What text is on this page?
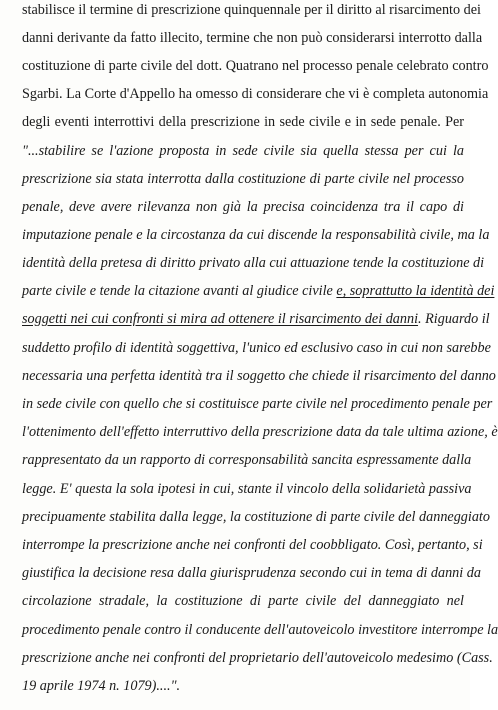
stabilisce il termine di prescrizione quinquennale per il diritto al risarcimento dei
danni derivante da fatto illecito, termine che non può considerarsi interrotto dalla
costituzione di parte civile del dott. Quatrano nel processo penale celebrato contro
Sgarbi. La Corte d'Appello ha omesso di considerare che vi è completa autonomia
degli eventi interrottivi della prescrizione in sede civile e in sede penale. Per
"...stabilire se l'azione proposta in sede civile sia quella stessa per cui la
prescrizione sia stata interrotta dalla costituzione di parte civile nel processo
penale, deve avere rilevanza non già la precisa coincidenza tra il capo di
imputazione penale e la circostanza da cui discende la responsabilità civile, ma la
identità della pretesa di diritto privato alla cui attuazione tende la costituzione di
parte civile e tende la citazione avanti al giudice civile e, soprattutto la identità dei
soggetti nei cui confronti si mira ad ottenere il risarcimento dei danni. Riguardo il
suddetto profilo di identità soggettiva, l'unico ed esclusivo caso in cui non sarebbe
necessaria una perfetta identità tra il soggetto che chiede il risarcimento del danno
in sede civile con quello che si costituisce parte civile nel procedimento penale per
l'ottenimento dell'effetto interruttivo della prescrizione data da tale ultima azione, è
rappresentato da un rapporto di corresponsabilità sancita espressamente dalla
legge. E' questa la sola ipotesi in cui, stante il vincolo della solidarietà passiva
precipuamente stabilita dalla legge, la costituzione di parte civile del danneggiato
interrompe la prescrizione anche nei confronti del coobbligato. Così, pertanto, si
giustifica la decisione resa dalla giurisprudenza secondo cui in tema di danni da
circolazione stradale, la costituzione di parte civile del danneggiato nel
procedimento penale contro il conducente dell'autoveicolo investitore interrompe la
prescrizione anche nei confronti del proprietario dell'autoveicolo medesimo (Cass.
19 aprile 1974 n. 1079)....".
